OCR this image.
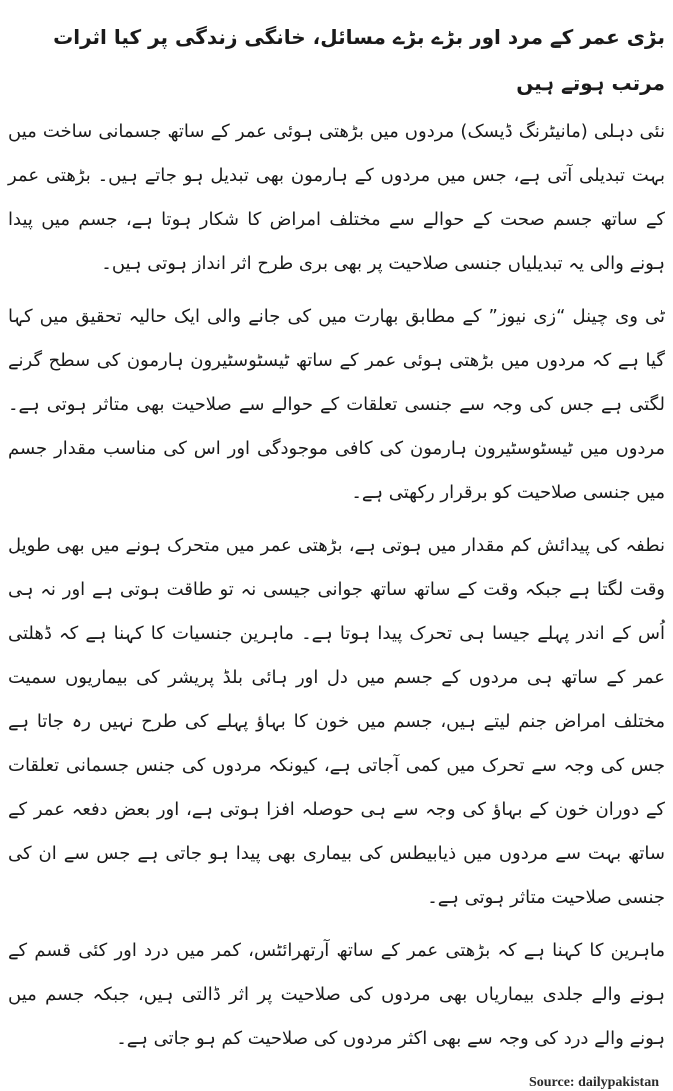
بڑی عمر کے مرد اور بڑے بڑے مسائل، خانگی زندگی پر کیا اثرات مرتب ہوتے ہیں

نئی دہلی (مانیٹرنگ ڈیسک) مردوں میں بڑھتی ہوئی عمر کے ساتھ جسمانی ساخت میں بہت تبدیلی آتی ہے، جس میں مردوں کے ہارمون بھی تبدیل ہو جاتے ہیں۔ بڑھتی عمر کے ساتھ جسم صحت کے حوالے سے مختلف امراض کا شکار ہوتا ہے، جسم میں پیدا ہونے والی یہ تبدیلیاں جنسی صلاحیت پر بھی بری طرح اثر انداز ہوتی ہیں۔

ٹی وی چینل “زی نیوز” کے مطابق بھارت میں کی جانے والی ایک حالیہ تحقیق میں کہا گیا ہے کہ مردوں میں بڑھتی ہوئی عمر کے ساتھ ٹیسٹوسٹیرون ہارمون کی سطح گرنے لگتی ہے جس کی وجہ سے جنسی تعلقات کے حوالے سے صلاحیت بھی متاثر ہوتی ہے۔ مردوں میں ٹیسٹوسٹیرون ہارمون کی کافی موجودگی اور اس کی مناسب مقدار جسم میں جنسی صلاحیت کو برقرار رکھتی ہے۔

نطفہ کی پیدائش کم مقدار میں ہوتی ہے، بڑھتی عمر میں متحرک ہونے میں بھی طویل وقت لگتا ہے جبکہ وقت کے ساتھ ساتھ جوانی جیسی نہ تو طاقت ہوتی ہے اور نہ ہی اُس کے اندر پہلے جیسا ہی تحرک پیدا ہوتا ہے۔ ماہرین جنسیات کا کہنا ہے کہ ڈھلتی عمر کے ساتھ ہی مردوں کے جسم میں دل اور ہائی بلڈ پریشر کی بیماریوں سمیت مختلف امراض جنم لیتے ہیں، جسم میں خون کا بہاؤ پہلے کی طرح نہیں رہ جاتا ہے جس کی وجہ سے تحرک میں کمی آجاتی ہے، کیونکہ مردوں کی جنس جسمانی تعلقات کے دوران خون کے بہاؤ کی وجہ سے ہی حوصلہ افزا ہوتی ہے، اور بعض دفعہ عمر کے ساتھ بہت سے مردوں میں ذیابیطس کی بیماری بھی پیدا ہو جاتی ہے جس سے ان کی جنسی صلاحیت متاثر ہوتی ہے۔

ماہرین کا کہنا ہے کہ بڑھتی عمر کے ساتھ آرتھرائٹس، کمر میں درد اور کئی قسم کے ہونے والے جلدی بیماریاں بھی مردوں کی صلاحیت پر اثر ڈالتی ہیں، جبکہ جسم میں ہونے والے درد کی وجہ سے بھی اکثر مردوں کی صلاحیت کم ہو جاتی ہے۔

Source: dailypakistan
